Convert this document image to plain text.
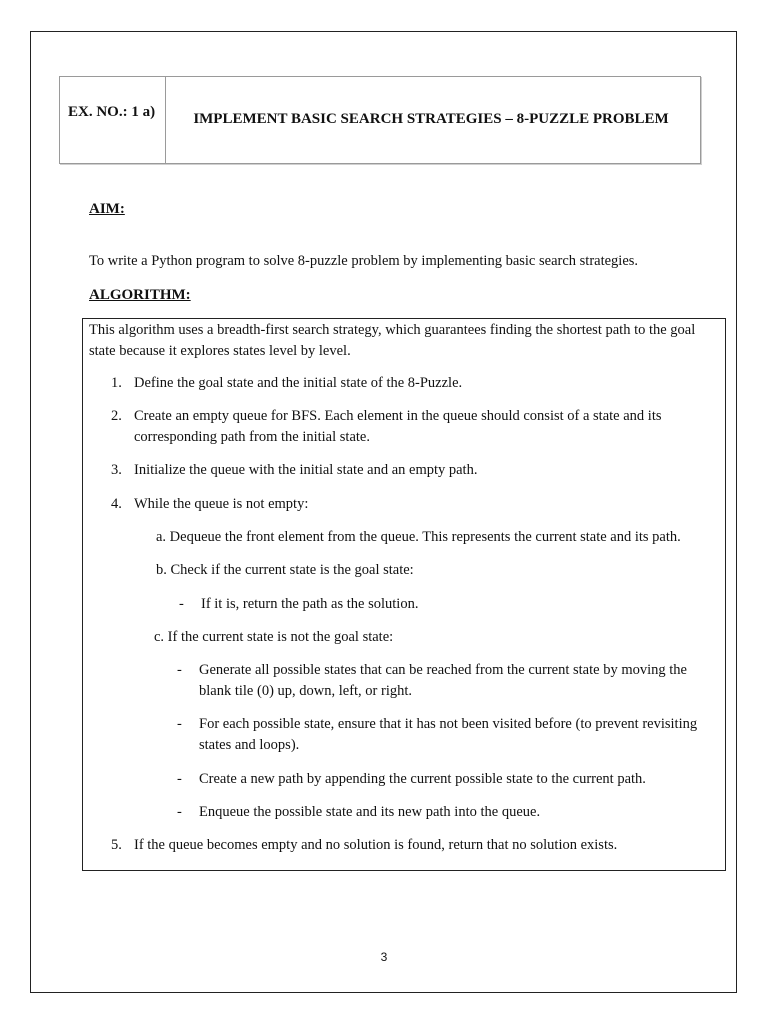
EX. NO.: 1 a)	IMPLEMENT BASIC SEARCH STRATEGIES – 8-PUZZLE PROBLEM
AIM:
To write a Python program to solve 8-puzzle problem by implementing basic search strategies.
ALGORITHM:
This algorithm uses a breadth-first search strategy, which guarantees finding the shortest path to the goal state because it explores states level by level.
1. Define the goal state and the initial state of the 8-Puzzle.
2. Create an empty queue for BFS. Each element in the queue should consist of a state and its corresponding path from the initial state.
3. Initialize the queue with the initial state and an empty path.
4. While the queue is not empty:
a. Dequeue the front element from the queue. This represents the current state and its path.
b. Check if the current state is the goal state:
-	If it is, return the path as the solution.
c. If the current state is not the goal state:
-	Generate all possible states that can be reached from the current state by moving the blank tile (0) up, down, left, or right.
-	For each possible state, ensure that it has not been visited before (to prevent revisiting states and loops).
-	Create a new path by appending the current possible state to the current path.
-	Enqueue the possible state and its new path into the queue.
5. If the queue becomes empty and no solution is found, return that no solution exists.
3
